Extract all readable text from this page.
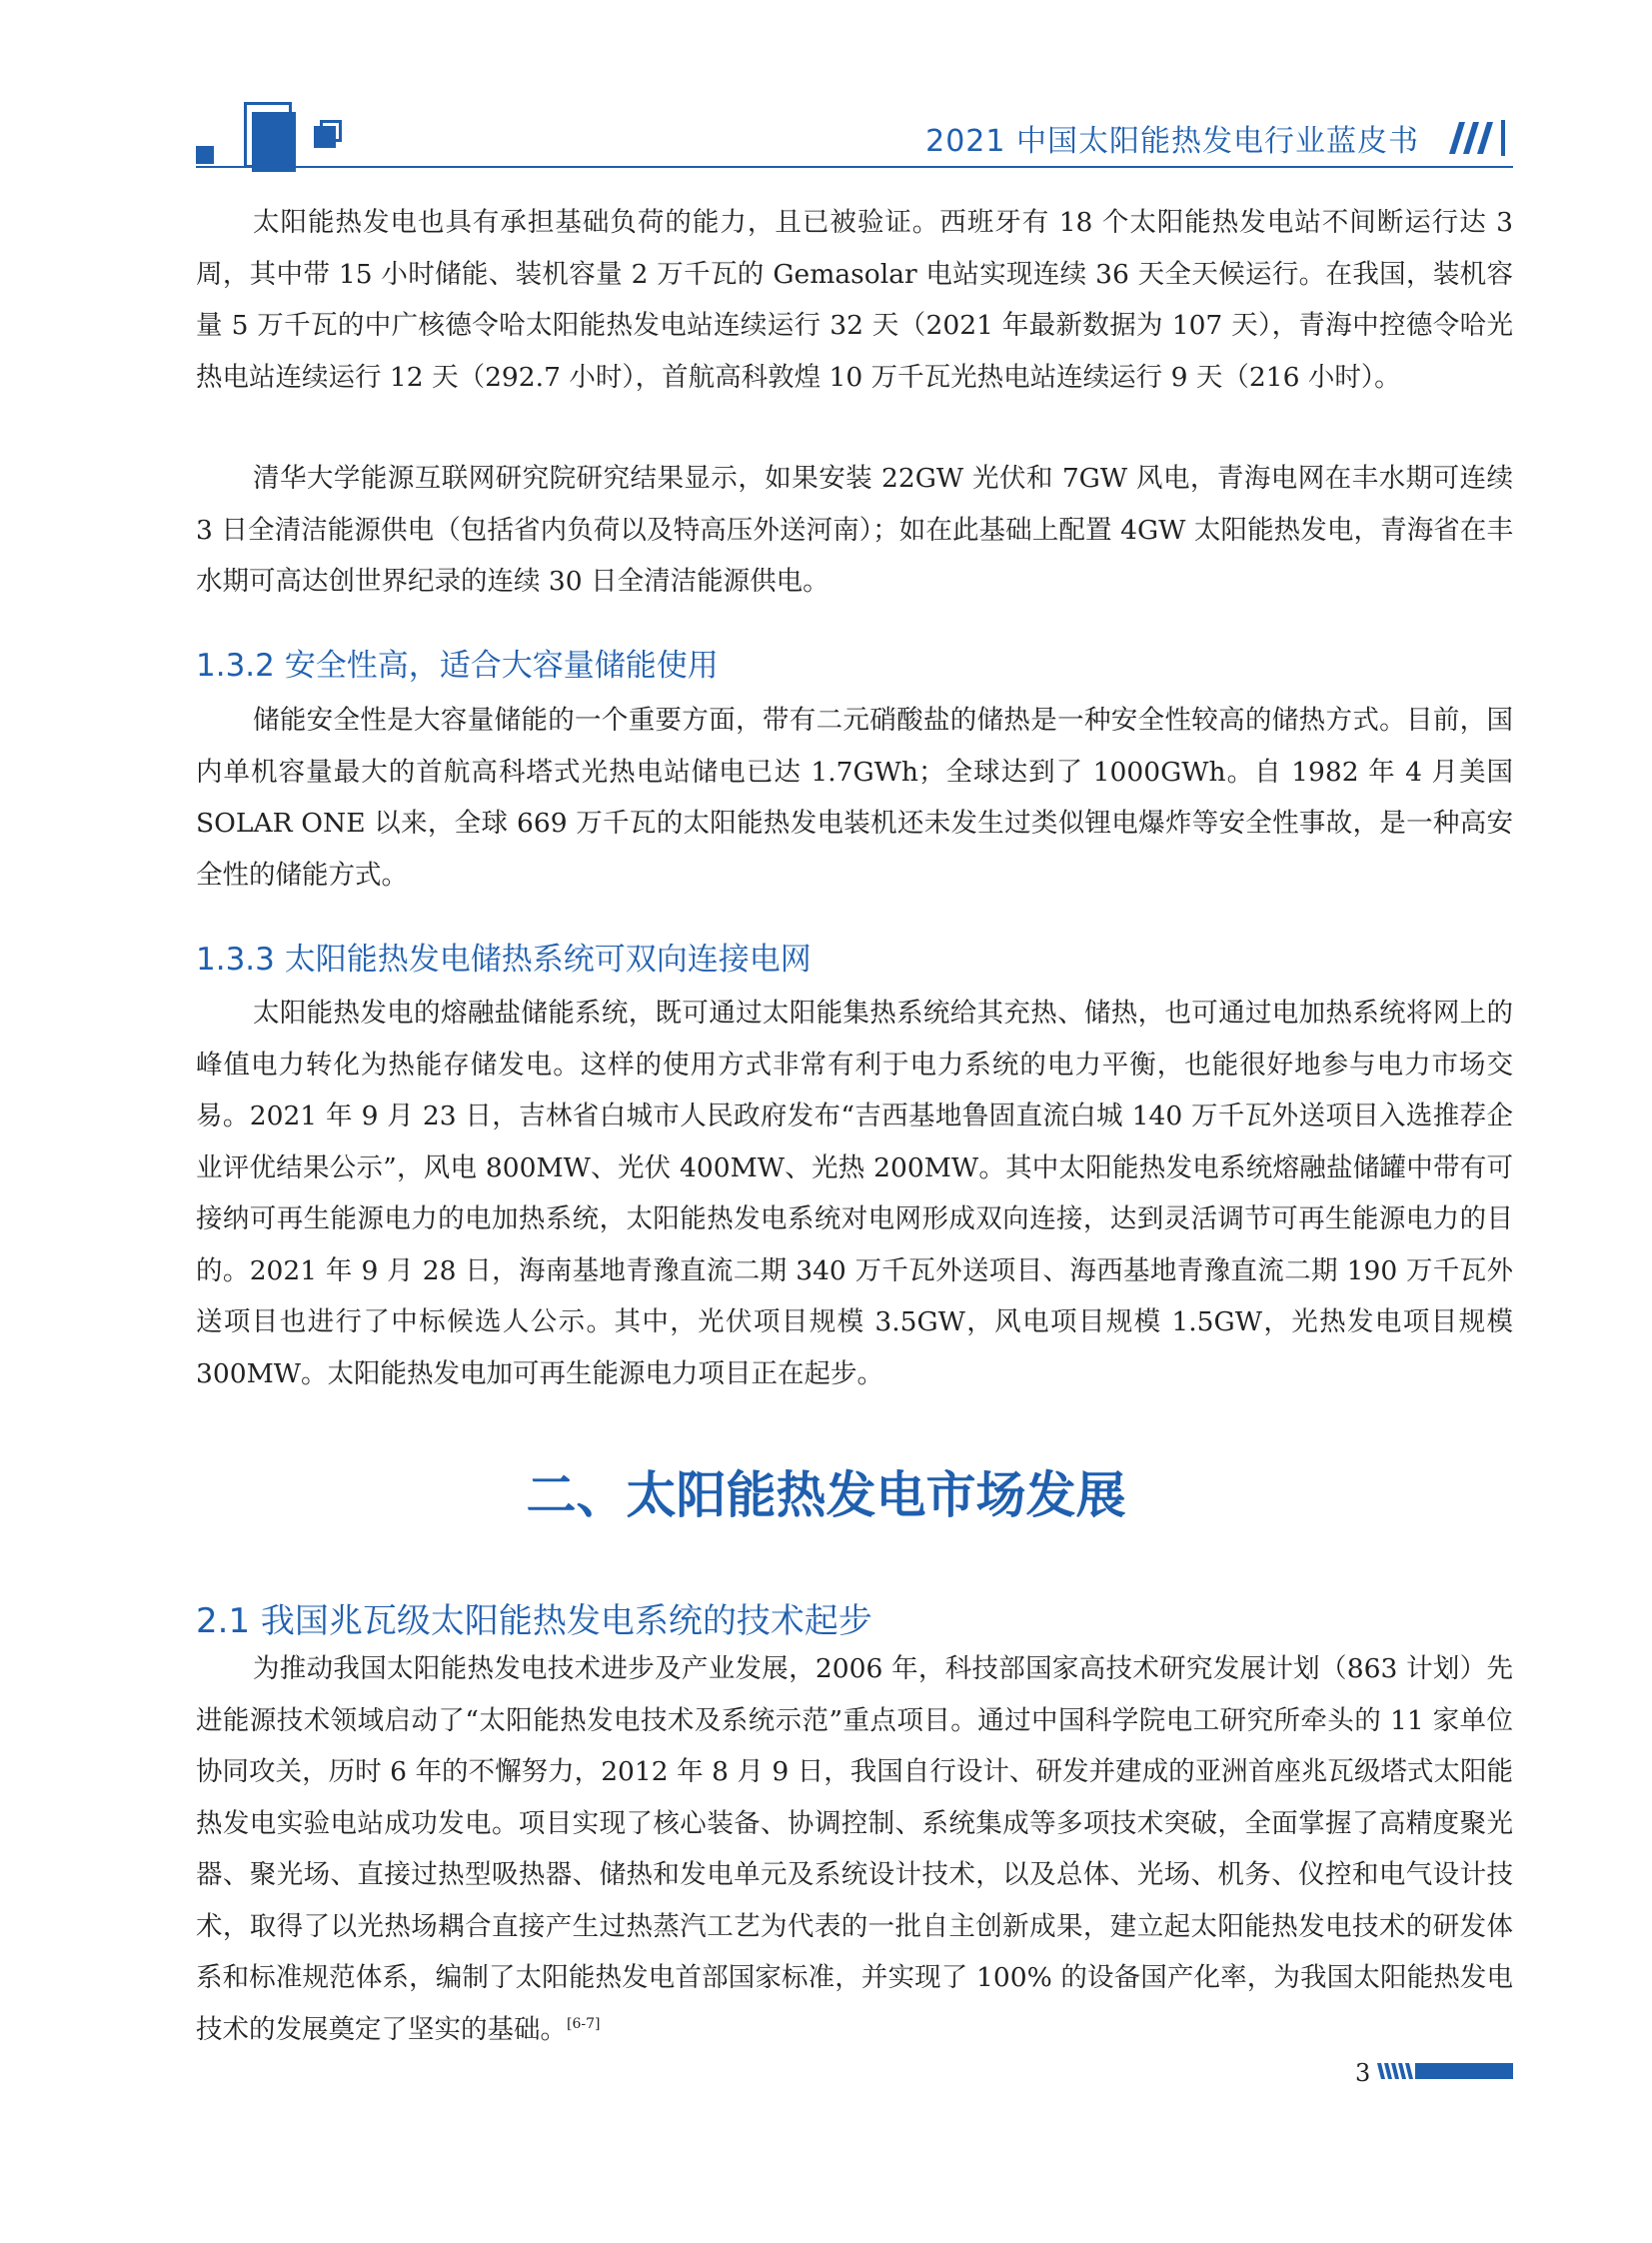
2021 中国太阳能热发电行业蓝皮书

太阳能热发电也具有承担基础负荷的能力，且已被验证。西班牙有 18 个太阳能热发电站不间断运行达 3 周，其中带 15 小时储能、装机容量 2 万千瓦的 Gemasolar 电站实现连续 36 天全天候运行。在我国，装机容量 5 万千瓦的中广核德令哈太阳能热发电站连续运行 32 天（2021 年最新数据为 107 天），青海中控德令哈光热电站连续运行 12 天（292.7 小时），首航高科敦煌 10 万千瓦光热电站连续运行 9 天（216 小时）。

清华大学能源互联网研究院研究结果显示，如果安装 22GW 光伏和 7GW 风电，青海电网在丰水期可连续 3 日全清洁能源供电（包括省内负荷以及特高压外送河南）；如在此基础上配置 4GW 太阳能热发电，青海省在丰水期可高达创世界纪录的连续 30 日全清洁能源供电。

1.3.2 安全性高，适合大容量储能使用

储能安全性是大容量储能的一个重要方面，带有二元硝酸盐的储热是一种安全性较高的储热方式。目前，国内单机容量最大的首航高科塔式光热电站储电已达 1.7GWh；全球达到了 1000GWh。自 1982 年 4 月美国 SOLAR ONE 以来，全球 669 万千瓦的太阳能热发电装机还未发生过类似锂电爆炸等安全性事故，是一种高安全性的储能方式。

1.3.3 太阳能热发电储热系统可双向连接电网

太阳能热发电的熔融盐储能系统，既可通过太阳能集热系统给其充热、储热，也可通过电加热系统将网上的峰值电力转化为热能存储发电。这样的使用方式非常有利于电力系统的电力平衡，也能很好地参与电力市场交易。2021 年 9 月 23 日，吉林省白城市人民政府发布“吉西基地鲁固直流白城 140 万千瓦外送项目入选推荐企业评优结果公示”，风电 800MW、光伏 400MW、光热 200MW。其中太阳能热发电系统熔融盐储罐中带有可接纳可再生能源电力的电加热系统，太阳能热发电系统对电网形成双向连接，达到灵活调节可再生能源电力的目的。2021 年 9 月 28 日，海南基地青豫直流二期 340 万千瓦外送项目、海西基地青豫直流二期 190 万千瓦外送项目也进行了中标候选人公示。其中，光伏项目规模 3.5GW，风电项目规模 1.5GW，光热发电项目规模 300MW。太阳能热发电加可再生能源电力项目正在起步。

二、太阳能热发电市场发展
2.1 我国兆瓦级太阳能热发电系统的技术起步

为推动我国太阳能热发电技术进步及产业发展，2006 年，科技部国家高技术研究发展计划（863 计划）先进能源技术领域启动了“太阳能热发电技术及系统示范”重点项目。通过中国科学院电工研究所牵头的 11 家单位协同攻关，历时 6 年的不懈努力，2012 年 8 月 9 日，我国自行设计、研发并建成的亚洲首座兆瓦级塔式太阳能热发电实验电站成功发电。项目实现了核心装备、协调控制、系统集成等多项技术突破，全面掌握了高精度聚光器、聚光场、直接过热型吸热器、储热和发电单元及系统设计技术，以及总体、光场、机务、仪控和电气设计技术，取得了以光热场耦合直接产生过热蒸汽工艺为代表的一批自主创新成果，建立起太阳能热发电技术的研发体系和标准规范体系，编制了太阳能热发电首部国家标准，并实现了 100% 的设备国产化率，为我国太阳能热发电技术的发展奠定了坚实的基础。[6-7]

3
